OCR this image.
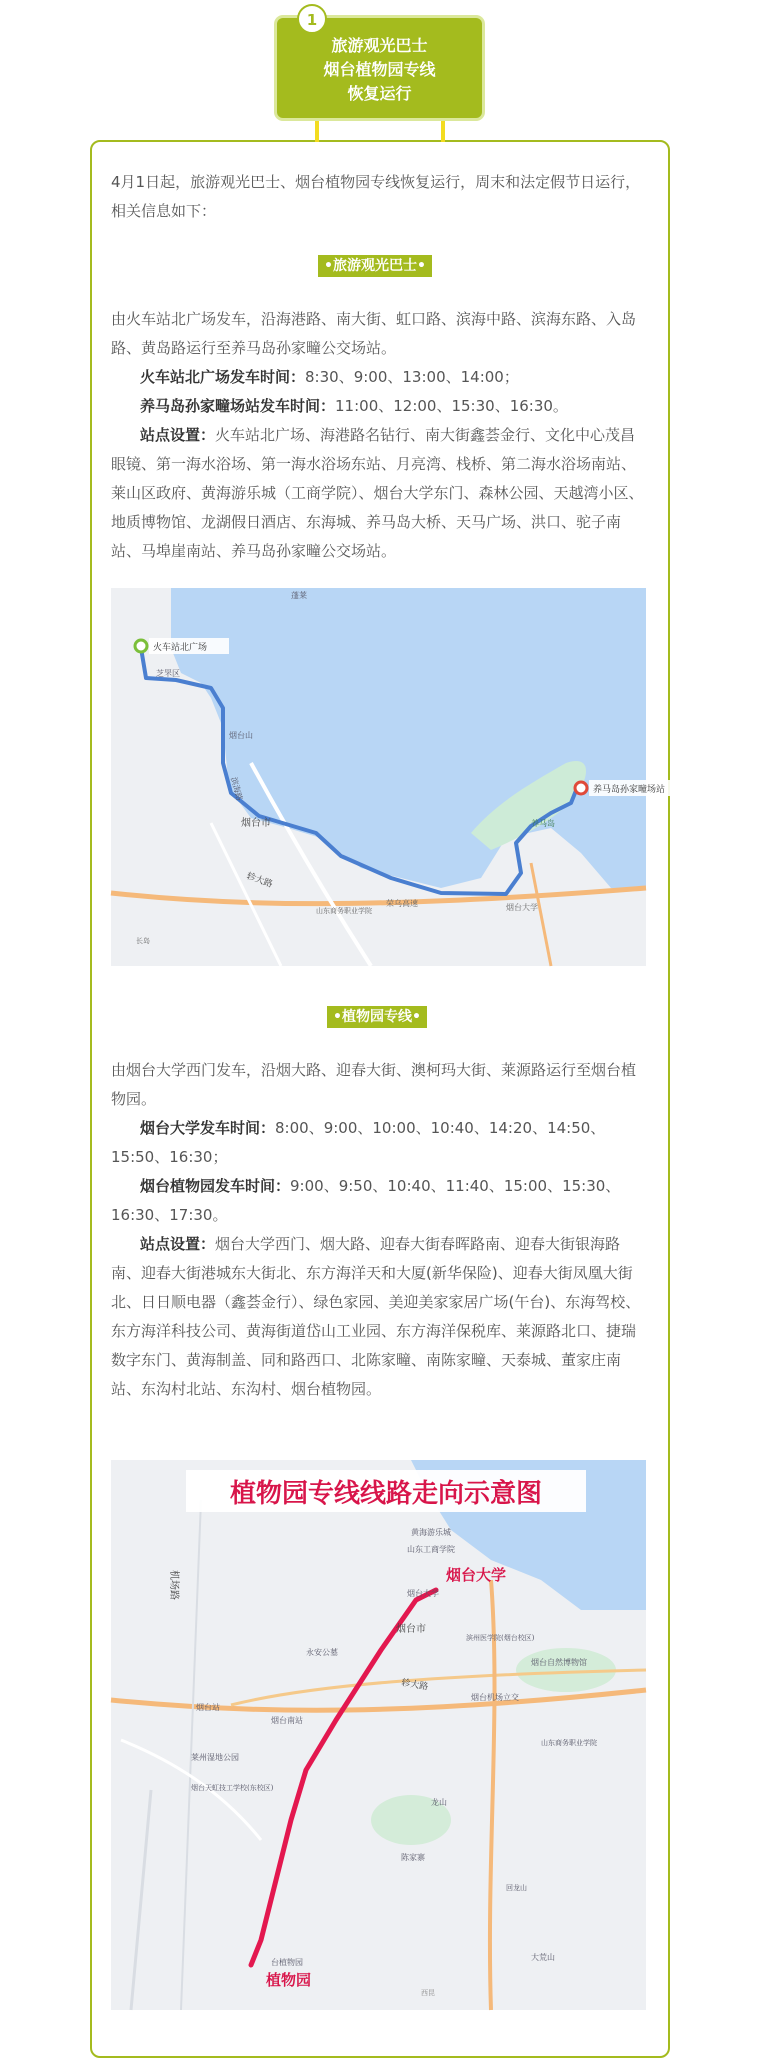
1
旅游观光巴士
烟台植物园专线
恢复运行

4月1日起，旅游观光巴士、烟台植物园专线恢复运行，周末和法定假节日运行，相关信息如下：

•旅游观光巴士•

由火车站北广场发车，沿海港路、南大街、虹口路、滨海中路、滨海东路、入岛路、黄岛路运行至养马岛孙家疃公交场站。

火车站北广场发车时间：8:30、9:00、13:00、14:00；

养马岛孙家疃场站发车时间：11:00、12:00、15:30、16:30。

站点设置：火车站北广场、海港路名钻行、南大街鑫荟金行、文化中心茂昌眼镜、第一海水浴场、第一海水浴场东站、月亮湾、栈桥、第二海水浴场南站、莱山区政府、黄海游乐城（工商学院）、烟台大学东门、森林公园、天越湾小区、地质博物馆、龙湖假日酒店、东海城、养马岛大桥、天马广场、洪口、驼子南站、马埠崖南站、养马岛孙家疃公交场站。

火车站北广场
养马岛孙家疃场站
蓬莱
芝罘区
烟台山
滨海路
烟台市
轸大路
长岛
山东商务职业学院
荣乌高速	烟台大学
养马岛
•植物园专线•

由烟台大学西门发车，沿烟大路、迎春大街、澳柯玛大街、莱源路运行至烟台植物园。

烟台大学发车时间：8:00、9:00、10:00、10:40、14:20、14:50、15:50、16:30；

烟台植物园发车时间：9:00、9:50、10:40、11:40、15:00、15:30、16:30、17:30。

站点设置：烟台大学西门、烟大路、迎春大街春晖路南、迎春大街银海路南、迎春大街港城东大街北、东方海洋天和大厦(新华保险)、迎春大街凤凰大街北、日日顺电器（鑫荟金行）、绿色家园、美迎美家家居广场(午台)、东海驾校、东方海洋科技公司、黄海街道岱山工业园、东方海洋保税库、莱源路北口、捷瑞数字东门、黄海制盖、同和路西口、北陈家疃、南陈家疃、天泰城、董家庄南站、东沟村北站、东沟村、烟台植物园。

植物园专线线路走向示意图
烟台大学
植物园
机场路
黄海游乐城
山东工商学院
烟台大学
烟台市
永安公墓
滨州医学院(烟台校区)
轸大路
烟台自然博物馆
烟台南站
烟台站
烟台机场立交
山东商务职业学院
莱州湿地公园
烟台天虹技工学校(东校区)
龙山
陈家寨
回龙山
大荒山
台植物园
西昆
